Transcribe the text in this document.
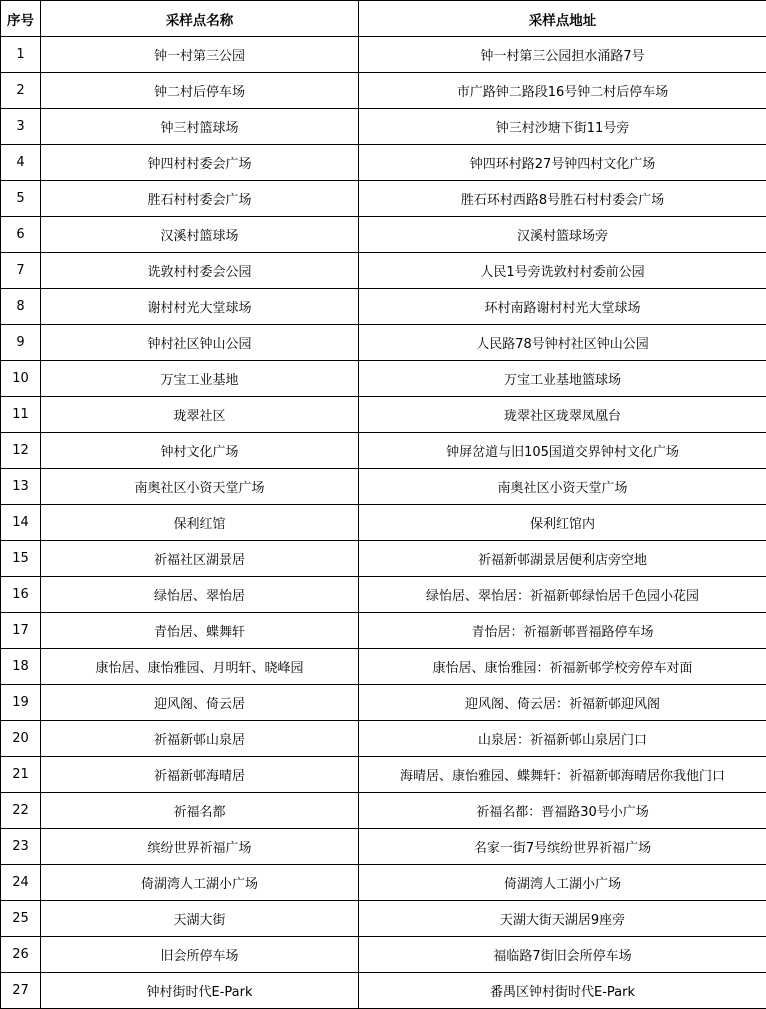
序号	采样点名称	采样点地址
1	钟一村第三公园	钟一村第三公园担水涌路7号
2	钟二村后停车场	市广路钟二路段16号钟二村后停车场
3	钟三村篮球场	钟三村沙塘下街11号旁
4	钟四村村委会广场	钟四环村路27号钟四村文化广场
5	胜石村村委会广场	胜石环村西路8号胜石村村委会广场
6	汉溪村篮球场	汉溪村篮球场旁
7	诜敦村村委会公园	人民1号旁诜敦村村委前公园
8	谢村村光大堂球场	环村南路谢村村光大堂球场
9	钟村社区钟山公园	人民路78号钟村社区钟山公园
10	万宝工业基地	万宝工业基地篮球场
11	珑翠社区	珑翠社区珑翠凤凰台
12	钟村文化广场	钟屏岔道与旧105国道交界钟村文化广场
13	南奥社区小资天堂广场	南奥社区小资天堂广场
14	保利红馆	保利红馆内
15	祈福社区湖景居	祈福新邨湖景居便利店旁空地
16	绿怡居、翠怡居	绿怡居、翠怡居：祈福新邨绿怡居千色园小花园
17	青怡居、蝶舞轩	青怡居：祈福新邨晋福路停车场
18	康怡居、康怡雅园、月明轩、晓峰园	康怡居、康怡雅园：祈福新邨学校旁停车对面
19	迎风阁、倚云居	迎风阁、倚云居：祈福新邨迎风阁
20	祈福新邨山泉居	山泉居：祈福新邨山泉居门口
21	祈福新邨海晴居	海晴居、康怡雅园、蝶舞轩：祈福新邨海晴居你我他门口
22	祈福名都	祈福名都：晋福路30号小广场
23	缤纷世界祈福广场	名家一街7号缤纷世界祈福广场
24	倚湖湾人工湖小广场	倚湖湾人工湖小广场
25	天湖大街	天湖大街天湖居9座旁
26	旧会所停车场	福临路7街旧会所停车场
27	钟村街时代E-Park	番禺区钟村街时代E-Park
